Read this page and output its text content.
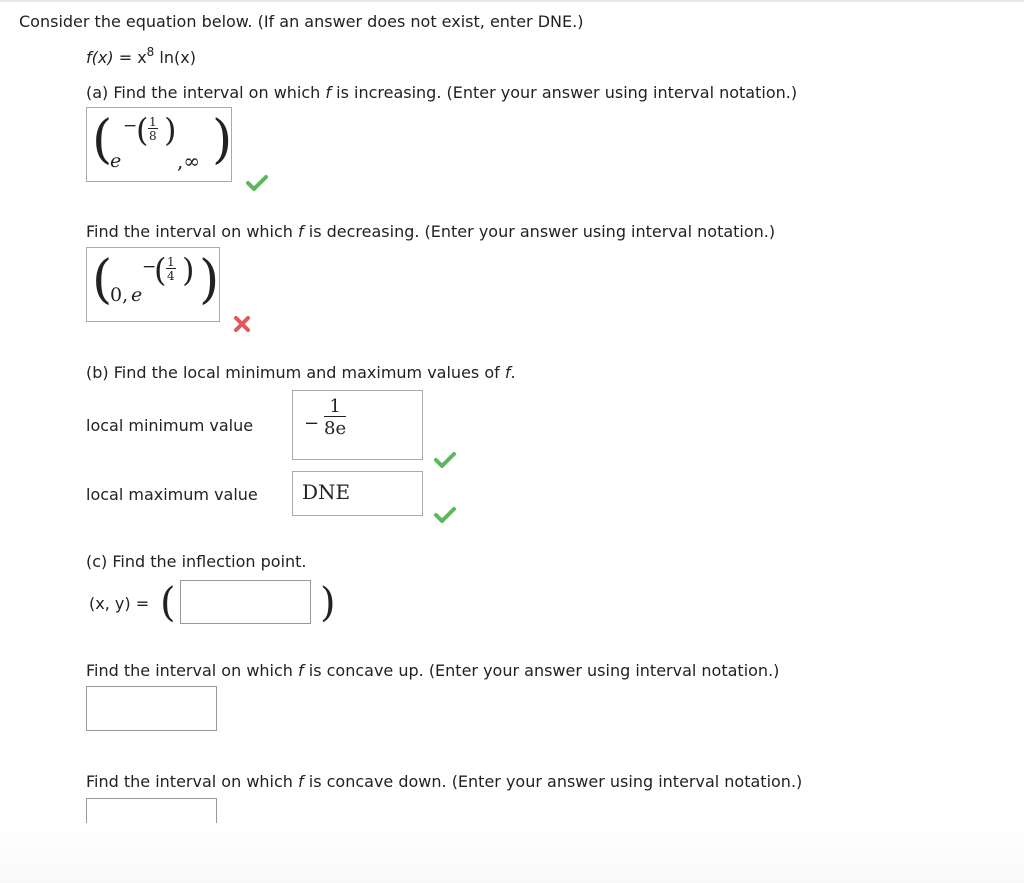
Consider the equation below. (If an answer does not exist, enter DNE.)
$f(x) = x^8$ ln(x)
(a) Find the interval on which f is increasing. (Enter your answer using interval notation.)
(
e
−
( $\frac{1}{8}$ )
,∞ )
Find the interval on which f is decreasing. (Enter your answer using interval notation.)
(
0, e
−
( $\frac{1}{4}$ ) )
(b) Find the local minimum and maximum values of f.
local minimum value	− $\frac{1}{8e}$
local maximum value DNE
(c) Find the inflection point.
(x, y) = (	)
Find the interval on which f is concave up. (Enter your answer using interval notation.)
Find the interval on which f is concave down. (Enter your answer using interval notation.)
